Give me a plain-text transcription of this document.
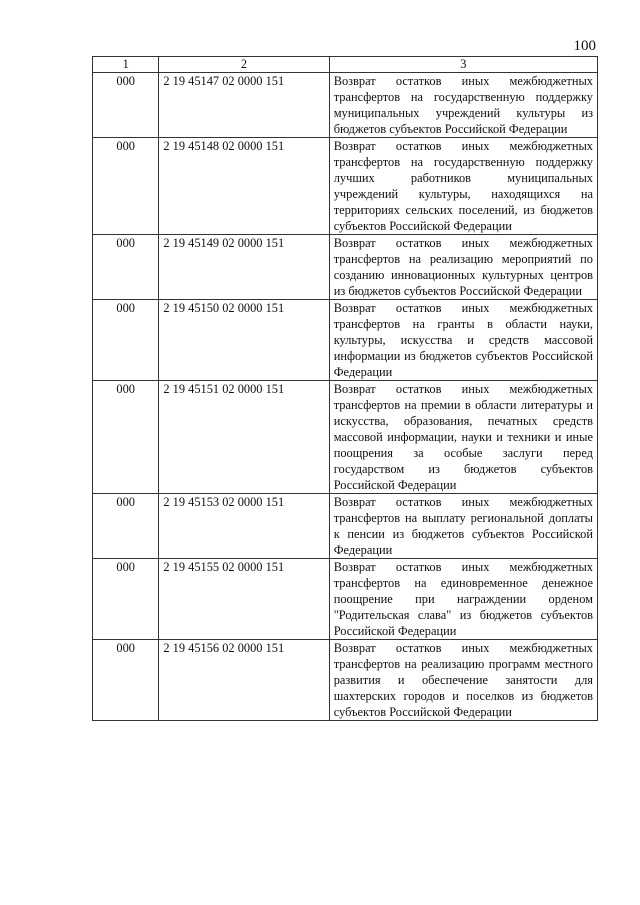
100
1	2	3
000	2 19 45147 02 0000 151	Возврат остатков иных межбюджетных трансфертов на государственную поддержку муниципальных учреждений культуры из бюджетов субъектов Российской Федерации
000	2 19 45148 02 0000 151	Возврат остатков иных межбюджетных трансфертов на государственную поддержку лучших работников муниципальных учреждений культуры, находящихся на территориях сельских поселений, из бюджетов субъектов Российской Федерации
000	2 19 45149 02 0000 151	Возврат остатков иных межбюджетных трансфертов на реализацию мероприятий по созданию инновационных культурных центров из бюджетов субъектов Российской Федерации
000	2 19 45150 02 0000 151	Возврат остатков иных межбюджетных трансфертов на гранты в области науки, культуры, искусства и средств массовой информации из бюджетов субъектов Российской Федерации
000	2 19 45151 02 0000 151	Возврат остатков иных межбюджетных трансфертов на премии в области литературы и искусства, образования, печатных средств массовой информации, науки и техники и иные поощрения за особые заслуги перед государством из бюджетов субъектов Российской Федерации
000	2 19 45153 02 0000 151	Возврат остатков иных межбюджетных трансфертов на выплату региональной доплаты к пенсии из бюджетов субъектов Российской Федерации
000	2 19 45155 02 0000 151	Возврат остатков иных межбюджетных трансфертов на единовременное денежное поощрение при награждении орденом "Родительская слава" из бюджетов субъектов Российской Федерации
000	2 19 45156 02 0000 151	Возврат остатков иных межбюджетных трансфертов на реализацию программ местного развития и обеспечение занятости для шахтерских городов и поселков из бюджетов субъектов Российской Федерации
